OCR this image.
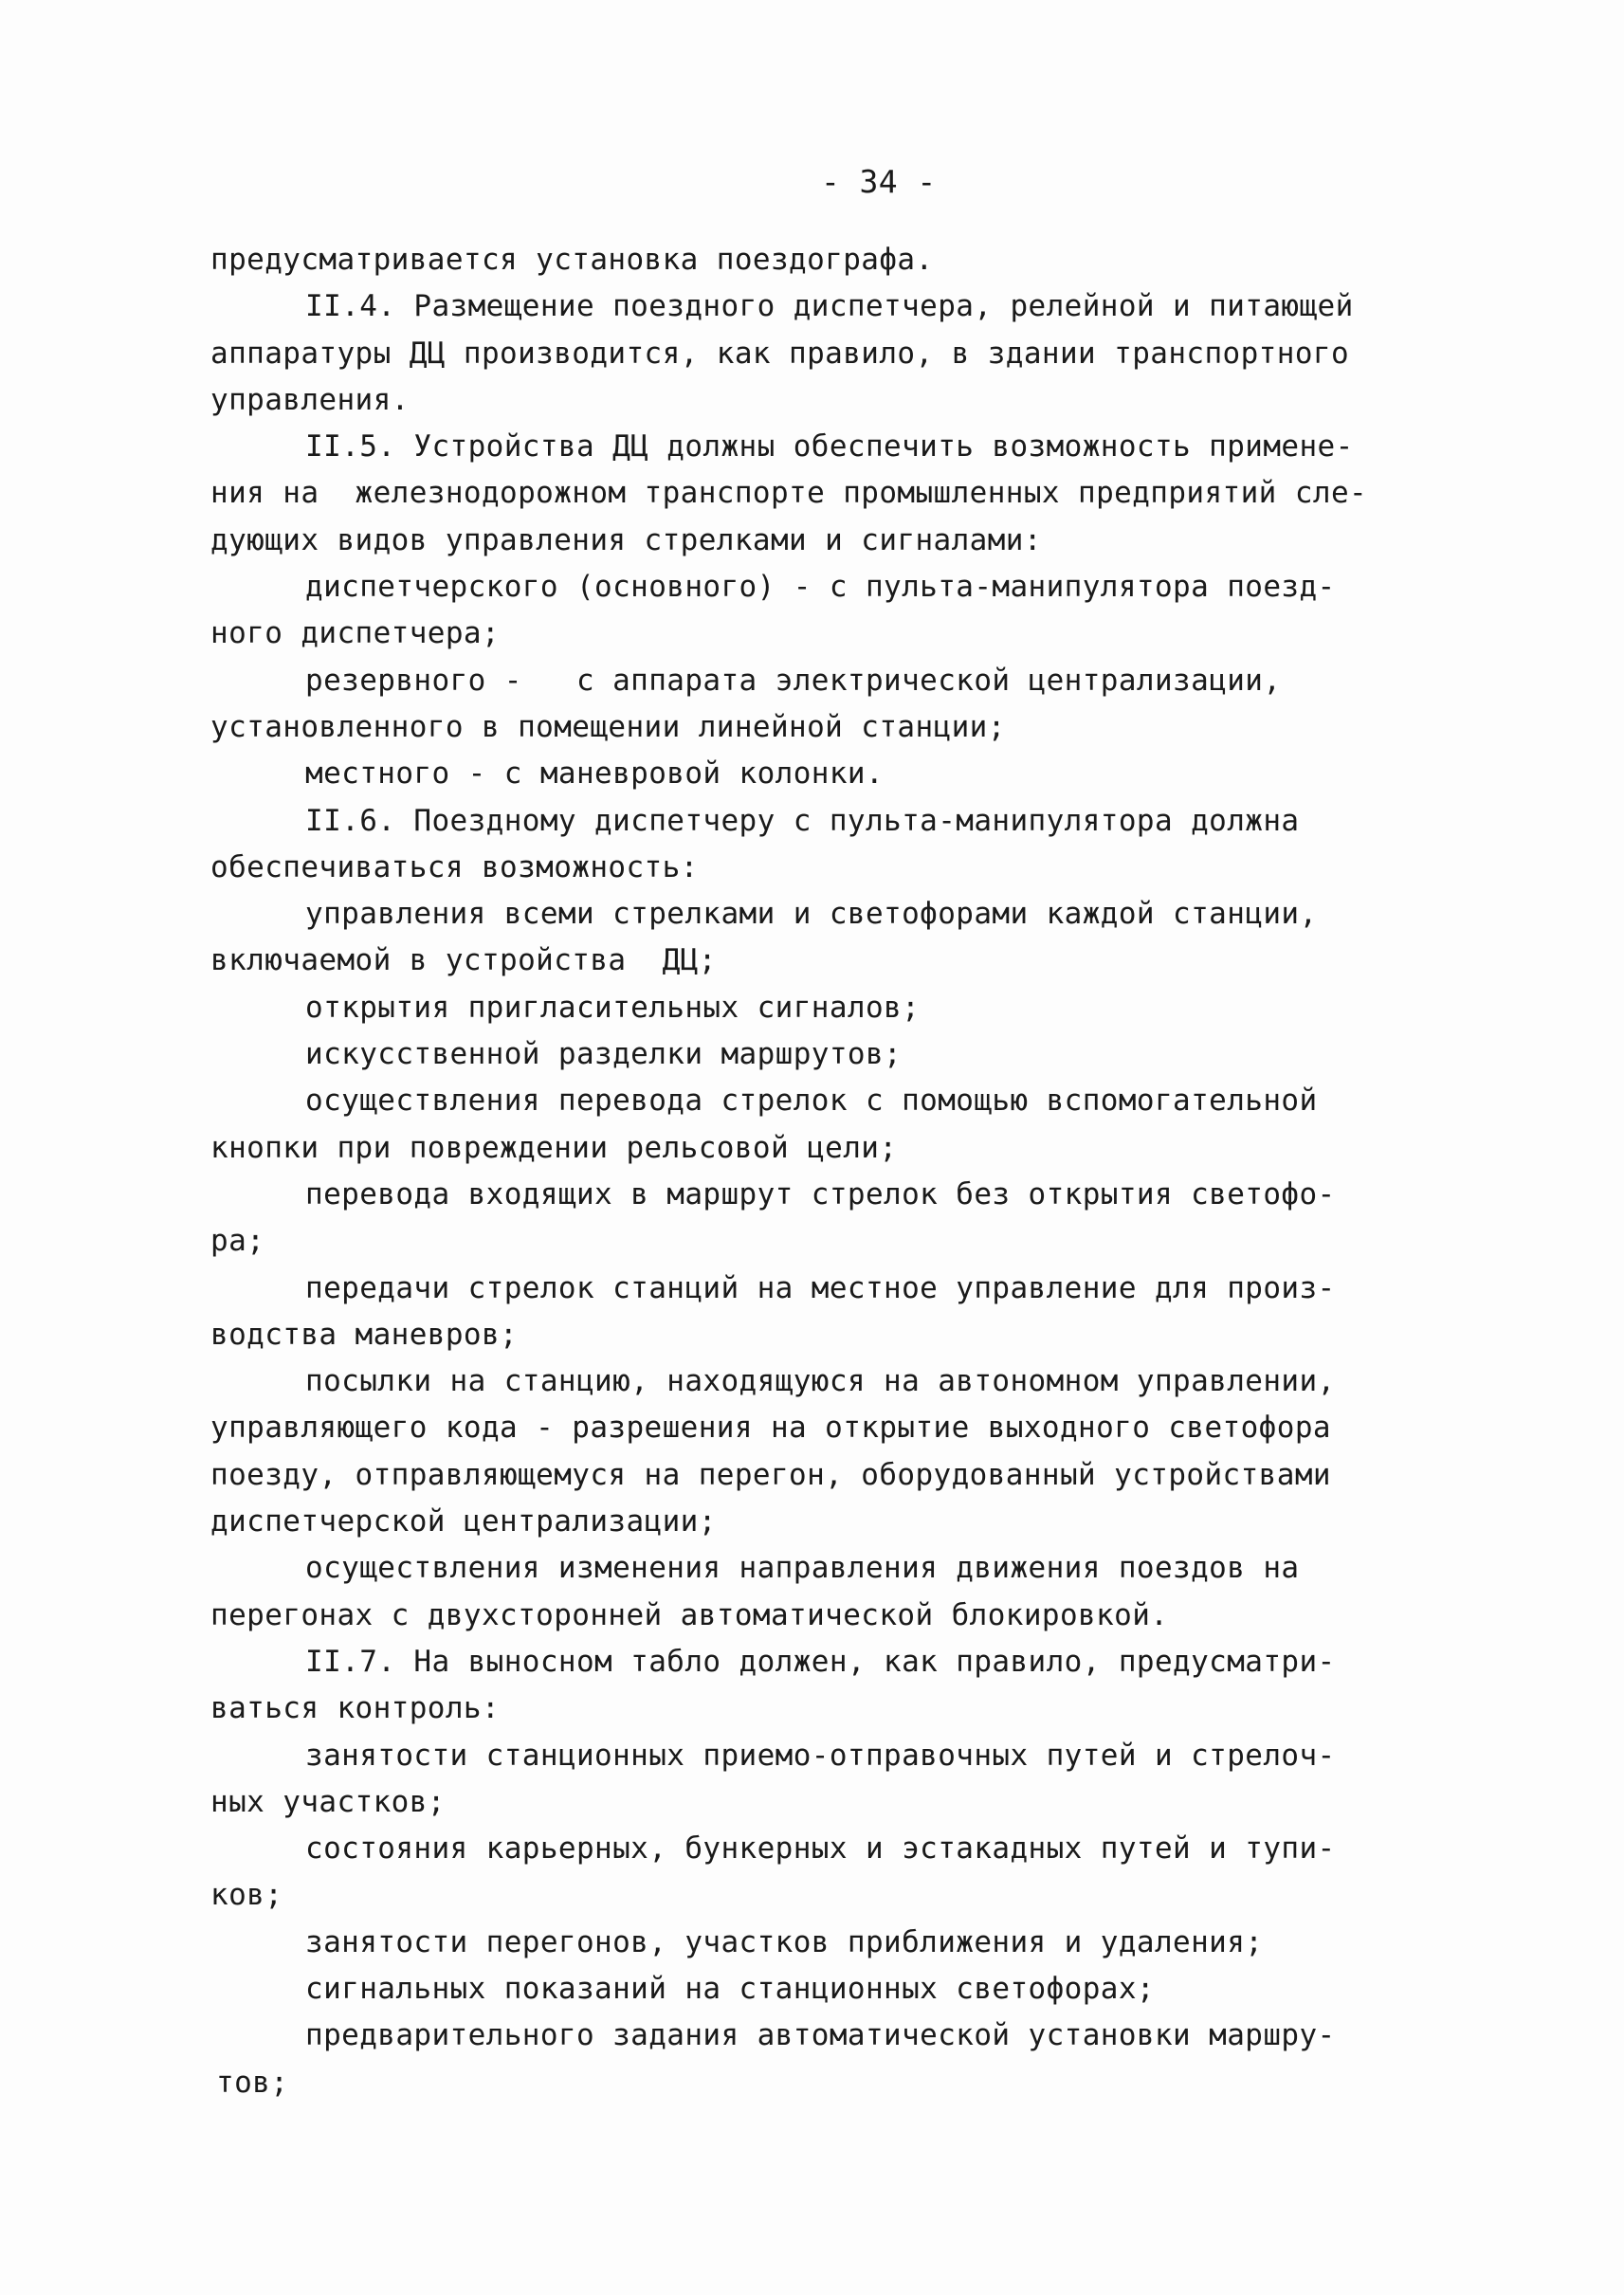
- 34 -
предусматривается установка поездографа.
II.4. Размещение поездного диспетчера, релейной и питающей
аппаратуры ДЦ производится, как правило, в здании транспортного
управления.
II.5. Устройства ДЦ должны обеспечить возможность примене-
ния на  железнодорожном транспорте промышленных предприятий сле-
дующих видов управления стрелками и сигналами:
диспетчерского (основного) - с пульта-манипулятора поезд-
ного диспетчера;
резервного -   с аппарата электрической централизации,
установленного в помещении линейной станции;
местного - с маневровой колонки.
II.6. Поездному диспетчеру с пульта-манипулятора должна
обеспечиваться возможность:
управления всеми стрелками и светофорами каждой станции,
включаемой в устройства  ДЦ;
открытия пригласительных сигналов;
искусственной разделки маршрутов;
осуществления перевода стрелок с помощью вспомогательной
кнопки при повреждении рельсовой цели;
перевода входящих в маршрут стрелок без открытия светофо-
ра;
передачи стрелок станций на местное управление для произ-
водства маневров;
посылки на станцию, находящуюся на автономном управлении,
управляющего кода - разрешения на открытие выходного светофора
поезду, отправляющемуся на перегон, оборудованный устройствами
диспетчерской централизации;
осуществления изменения направления движения поездов на
перегонах с двухсторонней автоматической блокировкой.
II.7. На выносном табло должен, как правило, предусматри-
ваться контроль:
занятости станционных приемо-отправочных путей и стрелоч-
ных участков;
состояния карьерных, бункерных и эстакадных путей и тупи-
ков;
занятости перегонов, участков приближения и удаления;
сигнальных показаний на станционных светофорах;
предварительного задания автоматической установки маршру-
тов;
